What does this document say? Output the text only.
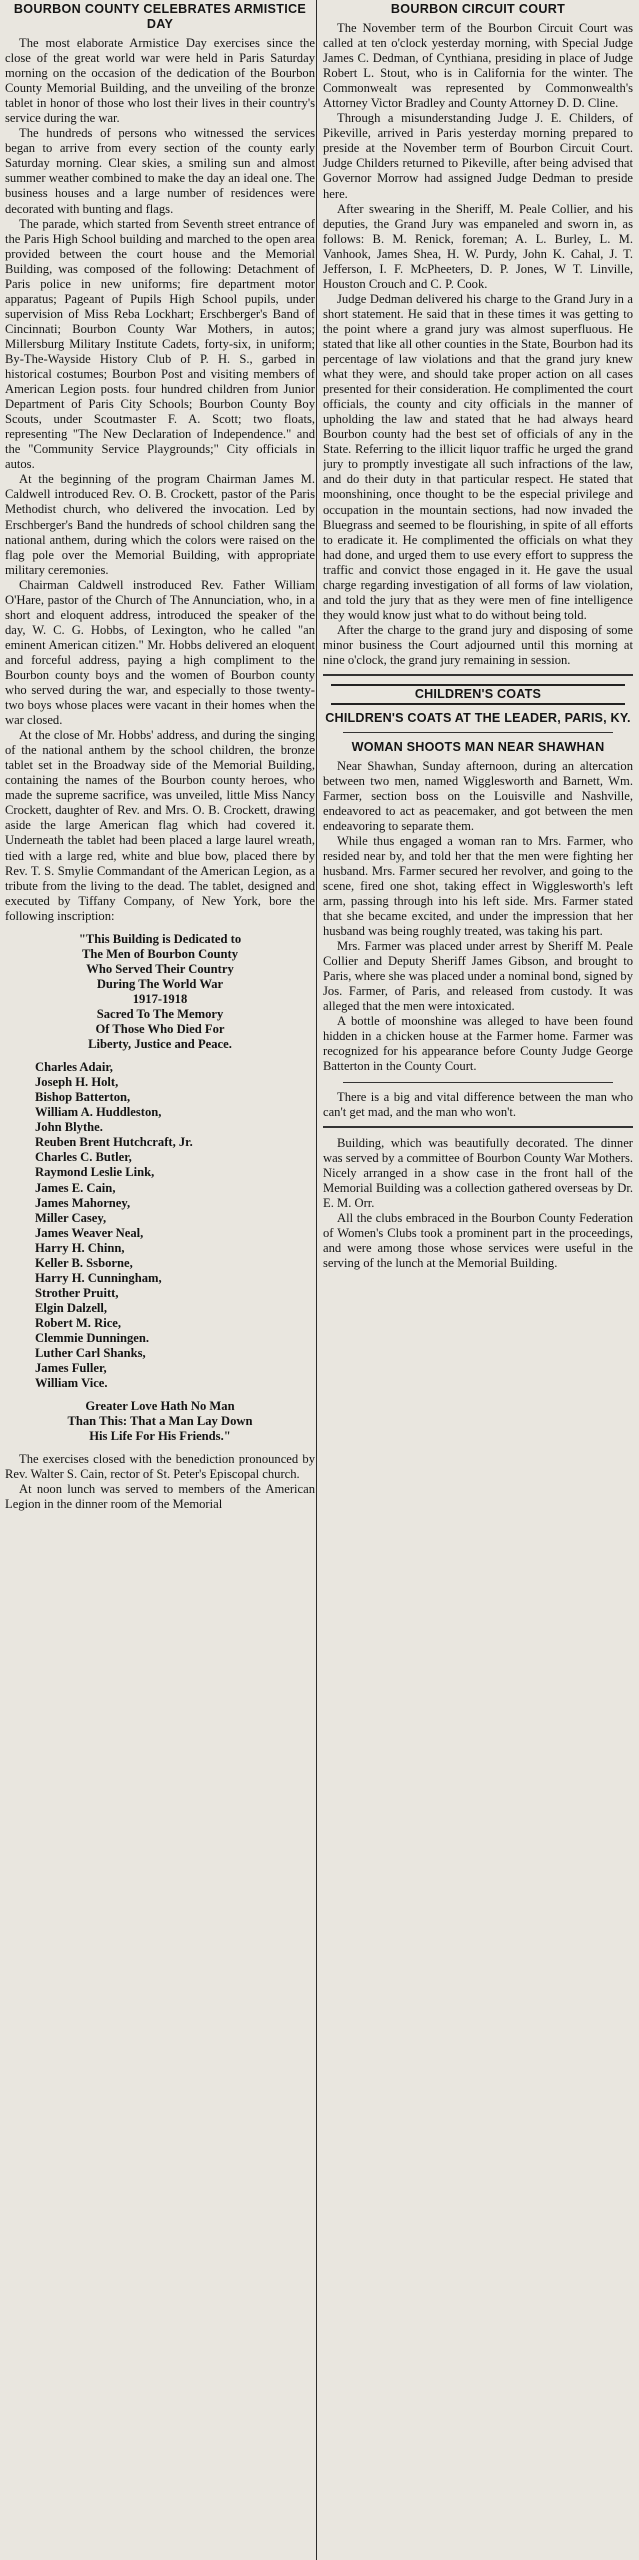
BOURBON COUNTY CELEBRATES ARMISTICE DAY

The most elaborate Armistice Day exercises since the close of the great world war were held in Paris Saturday morning on the occasion of the dedication of the Bourbon County Memorial Building, and the unveiling of the bronze tablet in honor of those who lost their lives in their country's service during the war.

The hundreds of persons who witnessed the services began to arrive from every section of the county early Saturday morning. Clear skies, a smiling sun and almost summer weather combined to make the day an ideal one. The business houses and a large number of residences were decorated with bunting and flags.

The parade, which started from Seventh street entrance of the Paris High School building and marched to the open area provided between the court house and the Memorial Building, was composed of the following: Detachment of Paris police in new uniforms; fire department motor apparatus; Pageant of Pupils High School pupils, under supervision of Miss Reba Lockhart; Erschberger's Band of Cincinnati; Bourbon County War Mothers, in autos; Millersburg Military Institute Cadets, forty-six, in uniform; By-The-Wayside History Club of P. H. S., garbed in historical costumes; Bourbon Post and visiting members of American Legion posts. four hundred children from Junior Department of Paris City Schools; Bourbon County Boy Scouts, under Scoutmaster F. A. Scott; two floats, representing "The New Declaration of Independence." and the "Community Service Playgrounds;" City officials in autos.

At the beginning of the program Chairman James M. Caldwell introduced Rev. O. B. Crockett, pastor of the Paris Methodist church, who delivered the invocation. Led by Erschberger's Band the hundreds of school children sang the national anthem, during which the colors were raised on the flag pole over the Memorial Building, with appropriate military ceremonies.

Chairman Caldwell instroduced Rev. Father William O'Hare, pastor of the Church of The Annunciation, who, in a short and eloquent address, introduced the speaker of the day, W. C. G. Hobbs, of Lexington, who he called "an eminent American citizen." Mr. Hobbs delivered an eloquent and forceful address, paying a high compliment to the Bourbon county boys and the women of Bourbon county who served during the war, and especially to those twenty-two boys whose places were vacant in their homes when the war closed.

At the close of Mr. Hobbs' address, and during the singing of the national anthem by the school children, the bronze tablet set in the Broadway side of the Memorial Building, containing the names of the Bourbon county heroes, who made the supreme sacrifice, was unveiled, little Miss Nancy Crockett, daughter of Rev. and Mrs. O. B. Crockett, drawing aside the large American flag which had covered it. Underneath the tablet had been placed a large laurel wreath, tied with a large red, white and blue bow, placed there by Rev. T. S. Smylie Commandant of the American Legion, as a tribute from the living to the dead. The tablet, designed and executed by Tiffany Company, of New York, bore the following inscription:

"This Building is Dedicated to
The Men of Bourbon County
Who Served Their Country
During The World War
1917-1918
Sacred To The Memory
Of Those Who Died For
Liberty, Justice and Peace.
Charles Adair,
Joseph H. Holt,
Bishop Batterton,
William A. Huddleston,
John Blythe.
Reuben Brent Hutchcraft, Jr.
Charles C. Butler,
Raymond Leslie Link,
James E. Cain,
James Mahorney,
Miller Casey,
James Weaver Neal,
Harry H. Chinn,
Keller B. Ssborne,
Harry H. Cunningham,
Strother Pruitt,
Elgin Dalzell,
Robert M. Rice,
Clemmie Dunningen.
Luther Carl Shanks,
James Fuller,
William Vice.
Greater Love Hath No Man
Than This: That a Man Lay Down
His Life For His Friends."

The exercises closed with the benediction pronounced by Rev. Walter S. Cain, rector of St. Peter's Episcopal church.

At noon lunch was served to members of the American Legion in the dinner room of the Memorial

BOURBON CIRCUIT COURT

The November term of the Bourbon Circuit Court was called at ten o'clock yesterday morning, with Special Judge James C. Dedman, of Cynthiana, presiding in place of Judge Robert L. Stout, who is in California for the winter. The Commonwealt was represented by Commonwealth's Attorney Victor Bradley and County Attorney D. D. Cline.

Through a misunderstanding Judge J. E. Childers, of Pikeville, arrived in Paris yesterday morning prepared to preside at the November term of Bourbon Circuit Court. Judge Childers returned to Pikeville, after being advised that Governor Morrow had assigned Judge Dedman to preside here.

After swearing in the Sheriff, M. Peale Collier, and his deputies, the Grand Jury was empaneled and sworn in, as follows: B. M. Renick, foreman; A. L. Burley, L. M. Vanhook, James Shea, H. W. Purdy, John K. Cahal, J. T. Jefferson, I. F. McPheeters, D. P. Jones, W T. Linville, Houston Crouch and C. P. Cook.

Judge Dedman delivered his charge to the Grand Jury in a short statement. He said that in these times it was getting to the point where a grand jury was almost superfluous. He stated that like all other counties in the State, Bourbon had its percentage of law violations and that the grand jury knew what they were, and should take proper action on all cases presented for their consideration. He complimented the court officials, the county and city officials in the manner of upholding the law and stated that he had always heard Bourbon county had the best set of officials of any in the State. Referring to the illicit liquor traffic he urged the grand jury to promptly investigate all such infractions of the law, and do their duty in that particular respect. He stated that moonshining, once thought to be the especial privilege and occupation in the mountain sections, had now invaded the Bluegrass and seemed to be flourishing, in spite of all efforts to eradicate it. He complimented the officials on what they had done, and urged them to use every effort to suppress the traffic and convict those engaged in it. He gave the usual charge regarding investigation of all forms of law violation, and told the jury that as they were men of fine intelligence they would know just what to do without being told.

After the charge to the grand jury and disposing of some minor business the Court adjourned until this morning at nine o'clock, the grand jury remaining in session.

CHILDREN'S COATS
CHILDREN'S COATS AT THE LEADER, PARIS, KY.
WOMAN SHOOTS MAN NEAR SHAWHAN

Near Shawhan, Sunday afternoon, during an altercation between two men, named Wigglesworth and Barnett, Wm. Farmer, section boss on the Louisville and Nashville, endeavored to act as peacemaker, and got between the men endeavoring to separate them.

While thus engaged a woman ran to Mrs. Farmer, who resided near by, and told her that the men were fighting her husband. Mrs. Farmer secured her revolver, and going to the scene, fired one shot, taking effect in Wigglesworth's left arm, passing through into his left side. Mrs. Farmer stated that she became excited, and under the impression that her husband was being roughly treated, was taking his part.

Mrs. Farmer was placed under arrest by Sheriff M. Peale Collier and Deputy Sheriff James Gibson, and brought to Paris, where she was placed under a nominal bond, signed by Jos. Farmer, of Paris, and released from custody. It was alleged that the men were intoxicated.

A bottle of moonshine was alleged to have been found hidden in a chicken house at the Farmer home. Farmer was recognized for his appearance before County Judge George Batterton in the County Court.

There is a big and vital difference between the man who can't get mad, and the man who won't.

Building, which was beautifully decorated. The dinner was served by a committee of Bourbon County War Mothers. Nicely arranged in a show case in the front hall of the Memorial Building was a collection gathered overseas by Dr. E. M. Orr.

All the clubs embraced in the Bourbon County Federation of Women's Clubs took a prominent part in the proceedings, and were among those whose services were useful in the serving of the lunch at the Memorial Building.
